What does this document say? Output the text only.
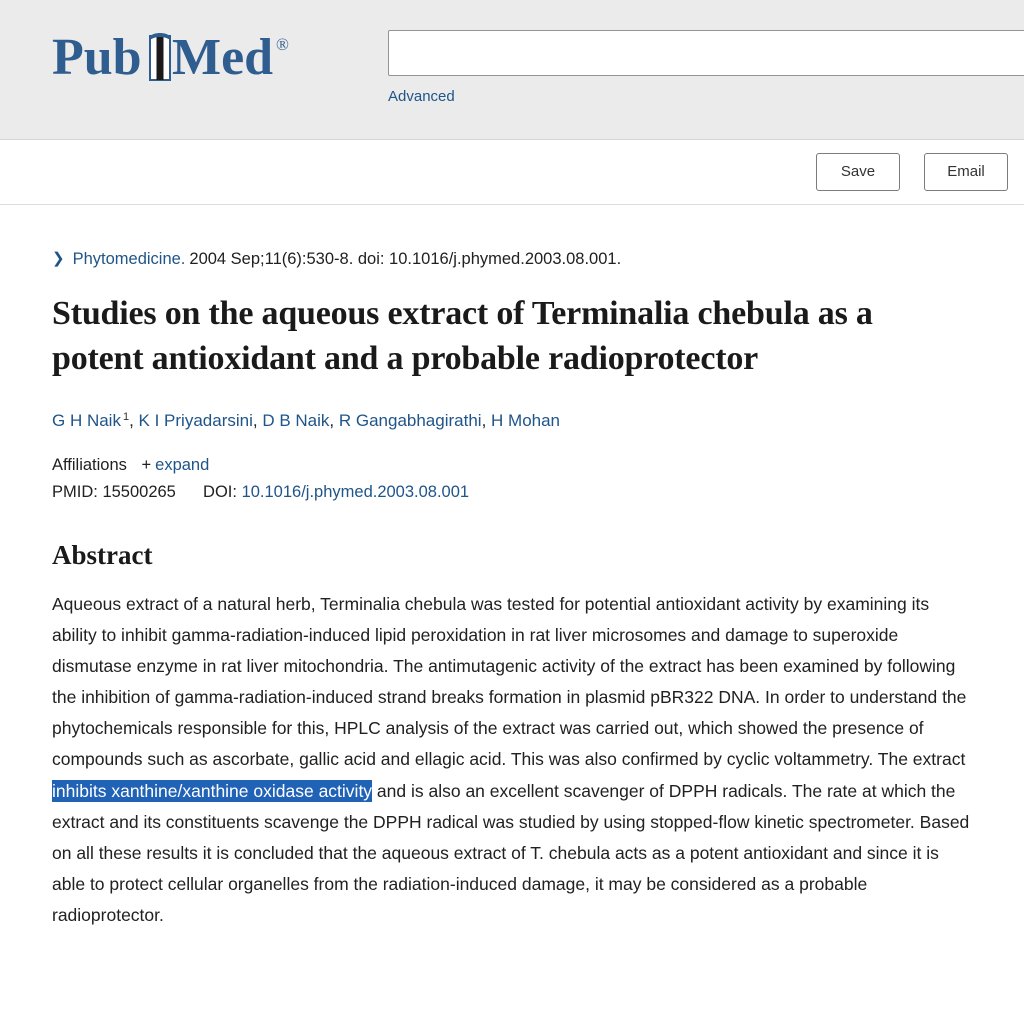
Pub Med ®
Advanced
Save	Email
❯ Phytomedicine. 2004 Sep;11(6):530-8. doi: 10.1016/j.phymed.2003.08.001.
Studies on the aqueous extract of Terminalia chebula as a potent antioxidant and a probable radioprotector
G H Naik $^1$, K I Priyadarsini, D B Naik, R Gangabhagirathi, H Mohan
Affiliations + expand
PMID: 15500265 DOI: 10.1016/j.phymed.2003.08.001
Abstract

Aqueous extract of a natural herb, Terminalia chebula was tested for potential antioxidant activity by examining its ability to inhibit gamma-radiation-induced lipid peroxidation in rat liver microsomes and damage to superoxide dismutase enzyme in rat liver mitochondria. The antimutagenic activity of the extract has been examined by following the inhibition of gamma-radiation-induced strand breaks formation in plasmid pBR322 DNA. In order to understand the phytochemicals responsible for this, HPLC analysis of the extract was carried out, which showed the presence of compounds such as ascorbate, gallic acid and ellagic acid. This was also confirmed by cyclic voltammetry. The extract inhibits xanthine/xanthine oxidase activity and is also an excellent scavenger of DPPH radicals. The rate at which the extract and its constituents scavenge the DPPH radical was studied by using stopped-flow kinetic spectrometer. Based on all these results it is concluded that the aqueous extract of T. chebula acts as a potent antioxidant and since it is able to protect cellular organelles from the radiation-induced damage, it may be considered as a probable radioprotector.
